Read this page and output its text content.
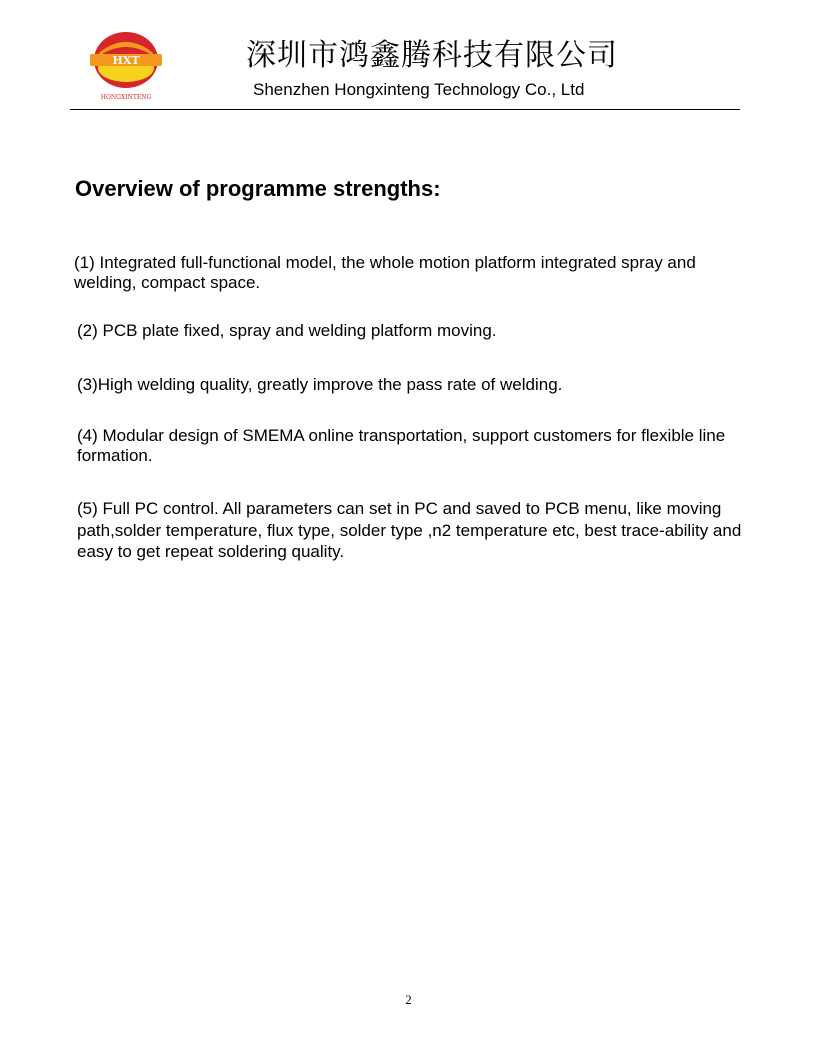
HXT
HONGXINTENG
深圳市鸿鑫腾科技有限公司
Shenzhen Hongxinteng Technology Co., Ltd
Overview of programme strengths:
(1) Integrated full-functional model, the whole motion platform integrated spray and welding, compact space.
(2) PCB plate fixed, spray and welding platform moving.
(3)High welding quality, greatly improve the pass rate of welding.
(4) Modular design of SMEMA online transportation, support customers for flexible line formation.
(5) Full PC control. All parameters can set in PC and saved to PCB menu, like moving path,solder temperature, flux type, solder type ,n2 temperature etc, best trace-ability and easy to get repeat soldering quality.
2
